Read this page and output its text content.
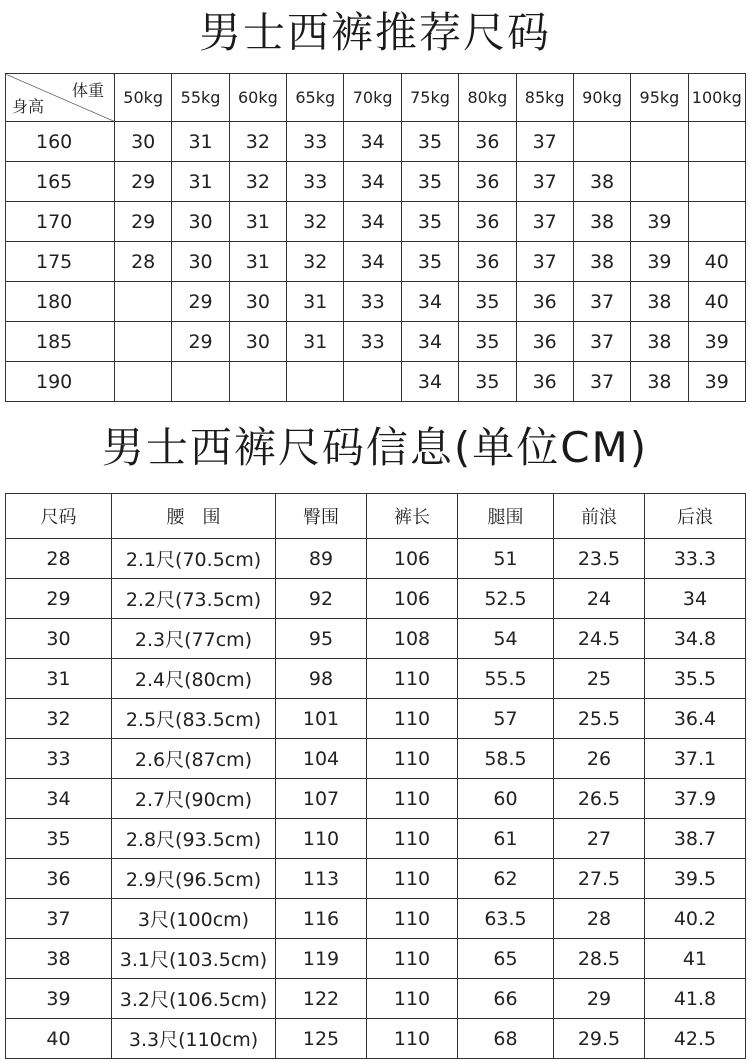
男士西裤推荐尺码
体重
身高	50kg	55kg	60kg	65kg	70kg	75kg	80kg	85kg	90kg	95kg	100kg
160	30	31	32	33	34	35	36	37			
165	29	31	32	33	34	35	36	37	38		
170	29	30	31	32	34	35	36	37	38	39	
175	28	30	31	32	34	35	36	37	38	39	40
180		29	30	31	33	34	35	36	37	38	40
185		29	30	31	33	34	35	36	37	38	39
190						34	35	36	37	38	39
男士西裤尺码信息(单位CM)
尺码	腰　围	臀围	裤长	腿围	前浪	后浪
28	2.1尺(70.5cm)	89	106	51	23.5	33.3
29	2.2尺(73.5cm)	92	106	52.5	24	34
30	2.3尺(77cm)	95	108	54	24.5	34.8
31	2.4尺(80cm)	98	110	55.5	25	35.5
32	2.5尺(83.5cm)	101	110	57	25.5	36.4
33	2.6尺(87cm)	104	110	58.5	26	37.1
34	2.7尺(90cm)	107	110	60	26.5	37.9
35	2.8尺(93.5cm)	110	110	61	27	38.7
36	2.9尺(96.5cm)	113	110	62	27.5	39.5
37	3尺(100cm)	116	110	63.5	28	40.2
38	3.1尺(103.5cm)	119	110	65	28.5	41
39	3.2尺(106.5cm)	122	110	66	29	41.8
40	3.3尺(110cm)	125	110	68	29.5	42.5
